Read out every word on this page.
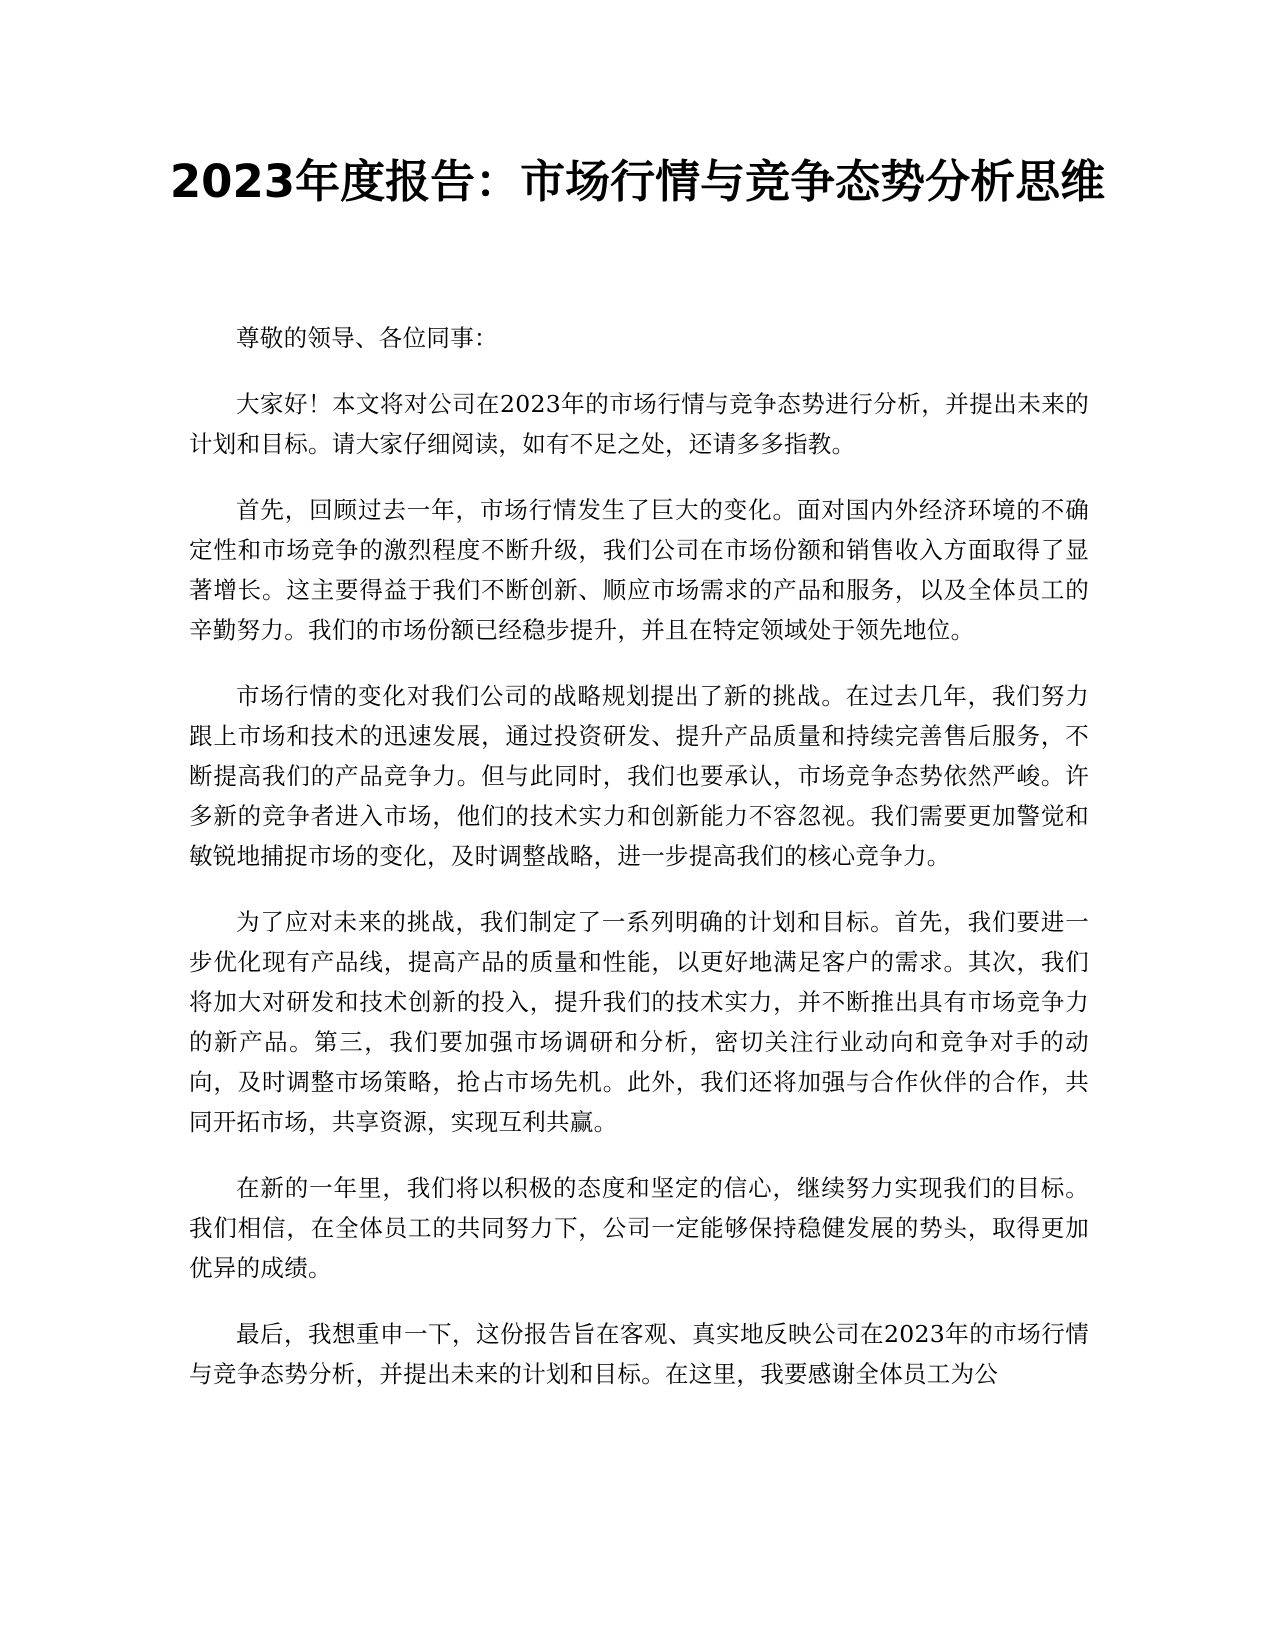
2023年度报告：市场行情与竞争态势分析思维

尊敬的领导、各位同事：

大家好！本文将对公司在2023年的市场行情与竞争态势进行分析，并提出未来的计划和目标。请大家仔细阅读，如有不足之处，还请多多指教。

首先，回顾过去一年，市场行情发生了巨大的变化。面对国内外经济环境的不确定性和市场竞争的激烈程度不断升级，我们公司在市场份额和销售收入方面取得了显著增长。这主要得益于我们不断创新、顺应市场需求的产品和服务，以及全体员工的辛勤努力。我们的市场份额已经稳步提升，并且在特定领域处于领先地位。

市场行情的变化对我们公司的战略规划提出了新的挑战。在过去几年，我们努力跟上市场和技术的迅速发展，通过投资研发、提升产品质量和持续完善售后服务，不断提高我们的产品竞争力。但与此同时，我们也要承认，市场竞争态势依然严峻。许多新的竞争者进入市场，他们的技术实力和创新能力不容忽视。我们需要更加警觉和敏锐地捕捉市场的变化，及时调整战略，进一步提高我们的核心竞争力。

为了应对未来的挑战，我们制定了一系列明确的计划和目标。首先，我们要进一步优化现有产品线，提高产品的质量和性能，以更好地满足客户的需求。其次，我们将加大对研发和技术创新的投入，提升我们的技术实力，并不断推出具有市场竞争力的新产品。第三，我们要加强市场调研和分析，密切关注行业动向和竞争对手的动向，及时调整市场策略，抢占市场先机。此外，我们还将加强与合作伙伴的合作，共同开拓市场，共享资源，实现互利共赢。

在新的一年里，我们将以积极的态度和坚定的信心，继续努力实现我们的目标。我们相信，在全体员工的共同努力下，公司一定能够保持稳健发展的势头，取得更加优异的成绩。

最后，我想重申一下，这份报告旨在客观、真实地反映公司在2023年的市场行情与竞争态势分析，并提出未来的计划和目标。在这里，我要感谢全体员工为公
